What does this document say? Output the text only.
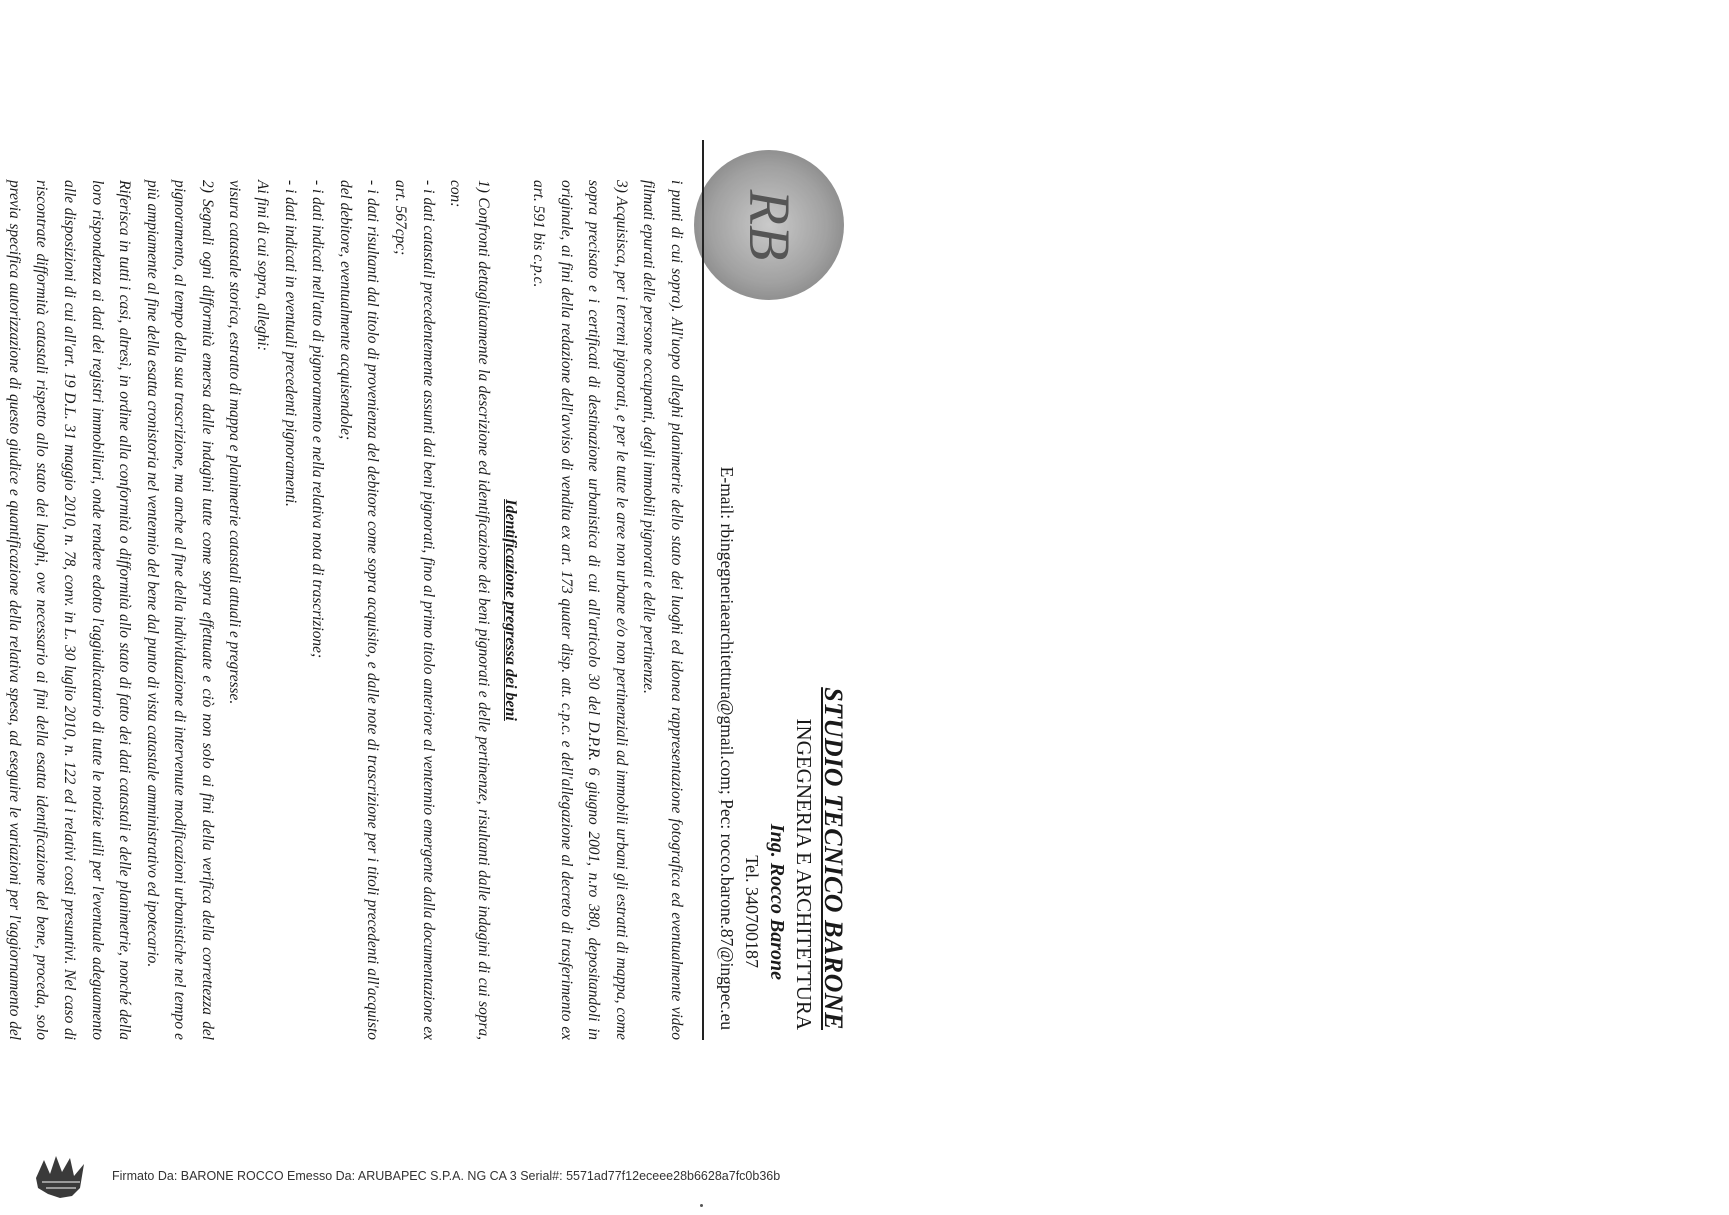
RB
STUDIO TECNICO BARONE
INGEGNERIA E ARCHITETTURA
Ing. Rocco Barone
Tel. 340700187
E-mail: rbingegneriaearchitettura@gmail.com; Pec: rocco.barone.87@ingpec.eu

i punti di cui sopra). All'uopo alleghi planimetrie dello stato dei luoghi ed idonea rappresentazione fotografica ed eventualmente video filmati epurati delle persone occupanti, degli immobili pignorati e delle pertinenze.

3) Acquisisca, per i terreni pignorati, e per le tutte le aree non urbane e/o non pertinenziali ad immobili urbani gli estratti di mappa, come sopra precisato e i certificati di destinazione urbanistica di cui all'articolo 30 del D.P.R. 6 giugno 2001, n.ro 380, depositandoli in originale, ai fini della redazione dell'avviso di vendita ex art. 173 quater disp. att. c.p.c. e dell'allegazione al decreto di trasferimento ex art. 591 bis c.p.c.

Identificazione pregressa dei beni

1) Confronti dettagliatamente la descrizione ed identificazione dei beni pignorati e delle pertinenze, risultanti dalle indagini di cui sopra, con:

- i dati catastali precedentemente assunti dai beni pignorati, fino al primo titolo anteriore al ventennio emergente dalla documentazione ex art. 567cpc;

- i dati risultanti dal titolo di provenienza del debitore come sopra acquisito, e dalle note di trascrizione per i titoli precedenti all'acquisto del debitore, eventualmente acquisendole;

- i dati indicati nell'atto di pignoramento e nella relativa nota di trascrizione;

- i dati indicati in eventuali precedenti pignoramenti.

Ai fini di cui sopra, alleghi:

visura catastale storica, estratto di mappa e planimetrie catastali attuali e pregresse.

2) Segnali ogni difformità emersa dalle indagini tutte come sopra effettuate e ciò non solo ai fini della verifica della correttezza del pignoramento, al tempo della sua trascrizione, ma anche al fine della individuazione di intervenute modificazioni urbanistiche nel tempo e più ampiamente al fine della esatta cronistoria nel ventennio del bene dal punto di vista catastale amministrativo ed ipotecario.

Riferisca in tutti i casi, altresì, in ordine alla conformità o difformità allo stato di fatto dei dati catastali e delle planimetrie, nonché della loro rispondenza ai dati dei registri immobiliari, onde rendere edotto l'aggiudicatario di tutte le notizie utili per l'eventuale adeguamento alle disposizioni di cui all'art. 19 D.L. 31 maggio 2010, n. 78, conv. in L. 30 luglio 2010, n. 122 ed i relativi costi presuntivi. Nel caso di riscontrate difformità catastali rispetto allo stato dei luoghi, ove necessario ai fini della esatta identificazione del bene, proceda, solo previa specifica autorizzazione di questo giudice e quantificazione della relativa spesa, ad eseguire le variazioni per l'aggiornamento del

Firmato Da: BARONE ROCCO Emesso Da: ARUBAPEC S.P.A. NG CA 3 Serial#: 5571ad77f12eceee28b6628a7fc0b36b
